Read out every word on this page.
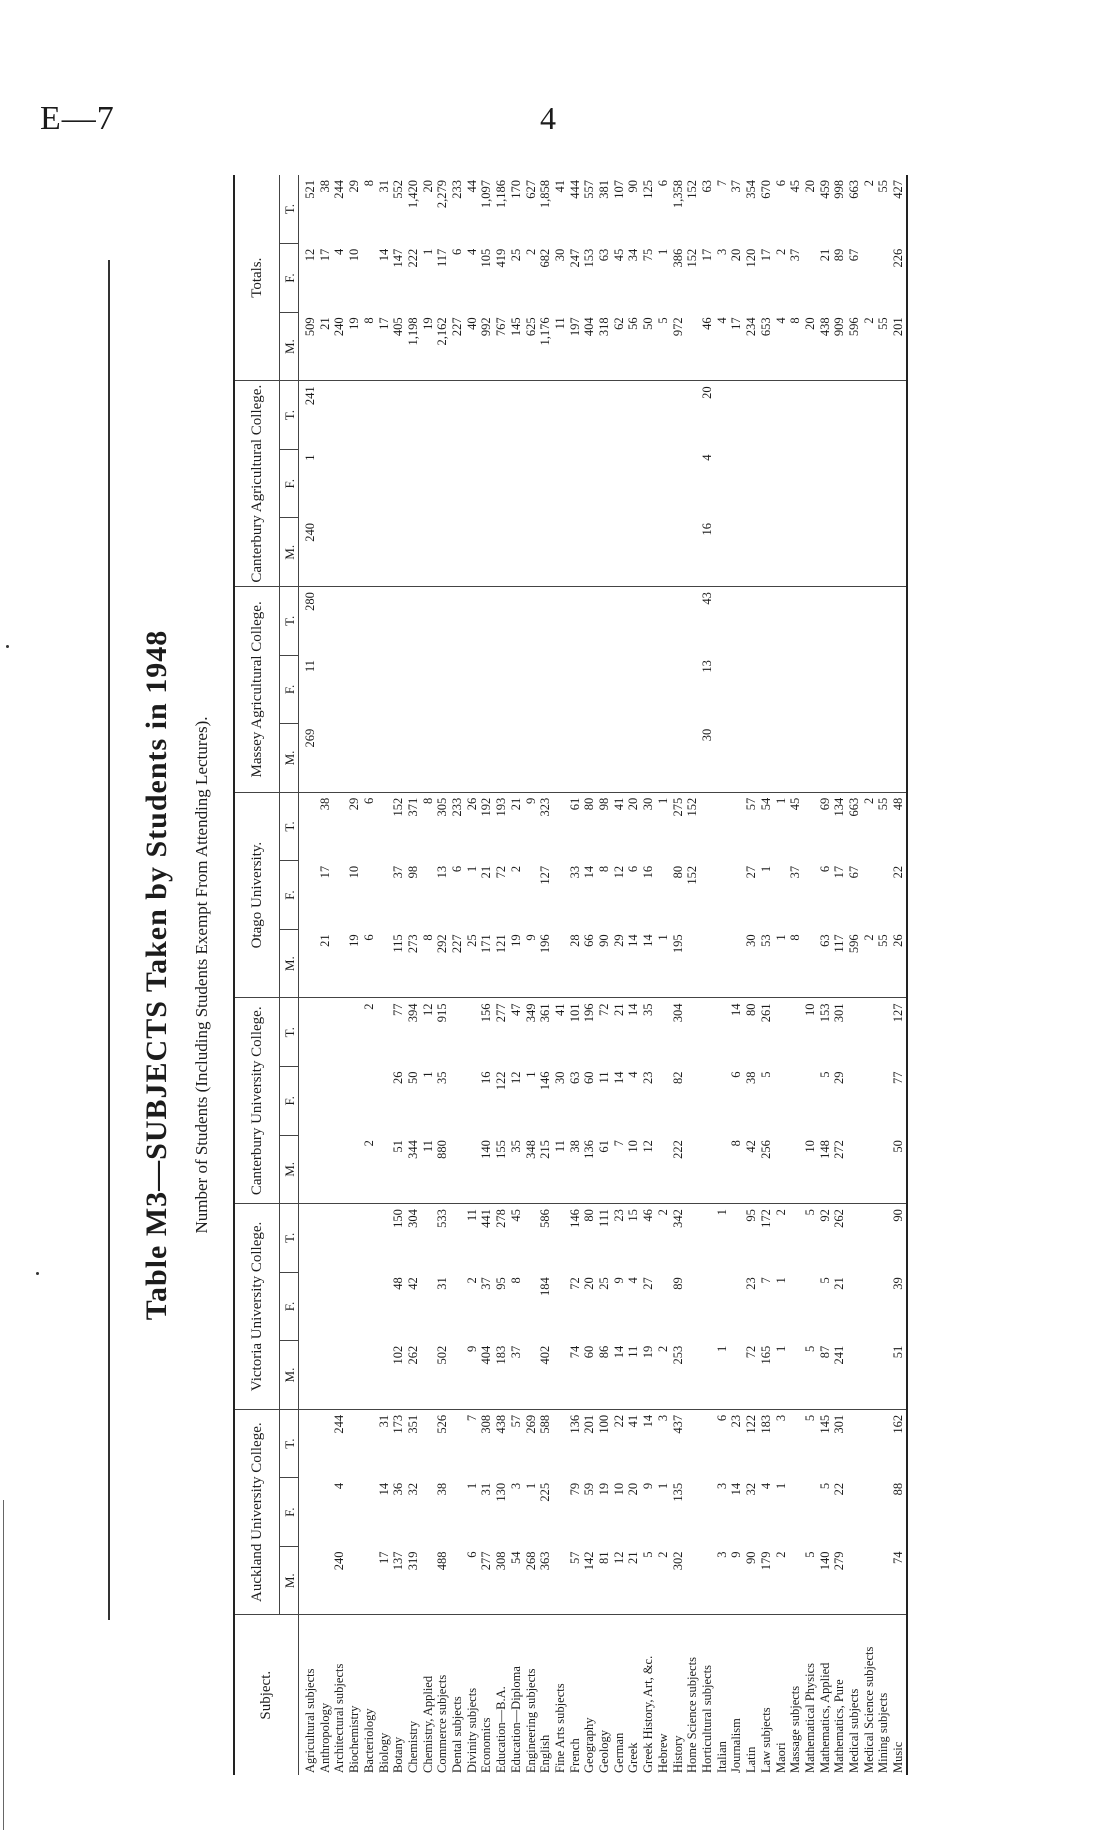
E—7	4
Table M3—SUBJECTS Taken by Students in 1948 Number of Students (Including Students Exempt From Attending Lectures).

Subject.	Auckland University College.			Victoria University College.			Canterbury University College.			Otago University.			Massey Agricultural College.			Canterbury Agricultural College.			Totals.		
	M.	F.	T.	M.	F.	T.	M.	F.	T.	M.	F.	T.	M.	F.	T.	M.	F.	T.	M.	F.	T.
Agricultural subjects													269	11	280	240	1	241	509	12	521
Anthropology										21	17	38							21	17	38
Architectural subjects	240	4	244																240	4	244
Biochemistry										19	10	29							19	10	29
Bacteriology							2		2	6		6							8		8
Biology	17	14	31																17	14	31
Botany	137	36	173	102	48	150	51	26	77	115	37	152							405	147	552
Chemistry	319	32	351	262	42	304	344	50	394	273	98	371							1,198	222	1,420
Chemistry, Applied							11	1	12	8		8							19	1	20
Commerce subjects	488	38	526	502	31	533	880	35	915	292	13	305							2,162	117	2,279
Dental subjects										227	6	233							227	6	233
Divinity subjects	6	1	7	9	2	11				25	1	26							40	4	44
Economics	277	31	308	404	37	441	140	16	156	171	21	192							992	105	1,097
Education—B.A.	308	130	438	183	95	278	155	122	277	121	72	193							767	419	1,186
Education—Diploma	54	3	57	37	8	45	35	12	47	19	2	21							145	25	170
Engineering subjects	268	1	269				348	1	349	9		9							625	2	627
English	363	225	588	402	184	586	215	146	361	196	127	323							1,176	682	1,858
Fine Arts subjects							11	30	41										11	30	41
French	57	79	136	74	72	146	38	63	101	28	33	61							197	247	444
Geography	142	59	201	60	20	80	136	60	196	66	14	80							404	153	557
Geology	81	19	100	86	25	111	61	11	72	90	8	98							318	63	381
German	12	10	22	14	9	23	7	14	21	29	12	41							62	45	107
Greek	21	20	41	11	4	15	10	4	14	14	6	20							56	34	90
Greek History, Art, &c.	5	9	14	19	27	46	12	23	35	14	16	30							50	75	125
Hebrew	2	1	3	2		2				1		1							5	1	6
History	302	135	437	253	89	342	222	82	304	195	80	275							972	386	1,358
Home Science subjects											152	152								152	152
Horticultural subjects													30	13	43	16	4	20	46	17	63
Italian	3	3	6	1		1													4	3	7
Journalism	9	14	23				8	6	14										17	20	37
Latin	90	32	122	72	23	95	42	38	80	30	27	57							234	120	354
Law subjects	179	4	183	165	7	172	256	5	261	53	1	54							653	17	670
Maori	2	1	3	1	1	2				1		1							4	2	6
Massage subjects										8	37	45							8	37	45
Mathematical Physics	5		5	5		5	10		10										20		20
Mathematics, Applied	140	5	145	87	5	92	148	5	153	63	6	69							438	21	459
Mathematics, Pure	279	22	301	241	21	262	272	29	301	117	17	134							909	89	998
Medical subjects										596	67	663							596	67	663
Medical Science subjects										2		2							2		2
Mining subjects										55		55							55		55
Music	74	88	162	51	39	90	50	77	127	26	22	48							201	226	427
